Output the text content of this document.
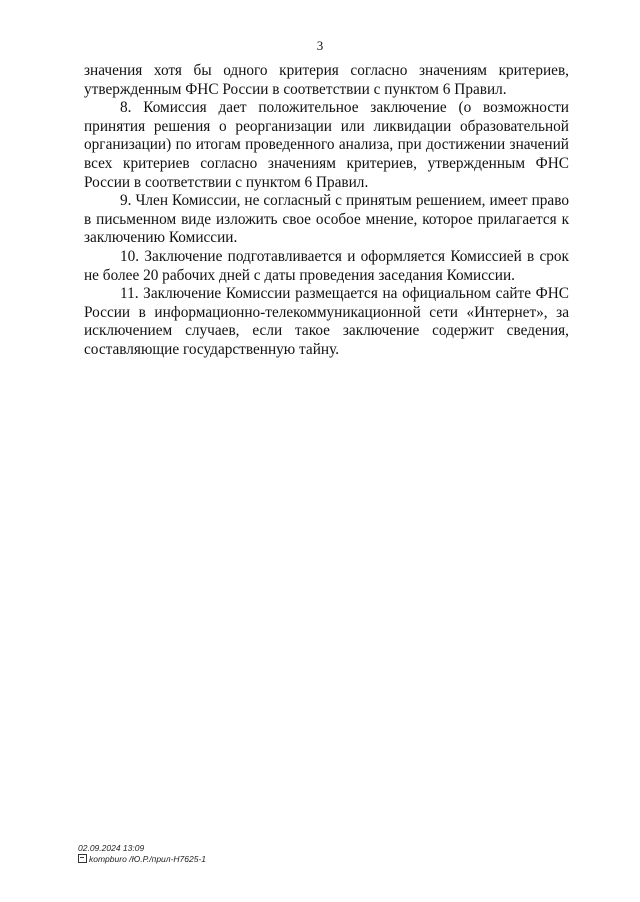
3

значения хотя бы одного критерия согласно значениям критериев, утвержденным ФНС России в соответствии с пунктом 6 Правил.

8. Комиссия дает положительное заключение (о возможности принятия решения о реорганизации или ликвидации образовательной организации) по итогам проведенного анализа, при достижении значений всех критериев согласно значениям критериев, утвержденным ФНС России в соответствии с пунктом 6 Правил.

9. Член Комиссии, не согласный с принятым решением, имеет право в письменном виде изложить свое особое мнение, которое прилагается к заключению Комиссии.

10. Заключение подготавливается и оформляется Комиссией в срок не более 20 рабочих дней с даты проведения заседания Комиссии.

11. Заключение Комиссии размещается на официальном сайте ФНС России в информационно-телекоммуникационной сети «Интернет», за исключением случаев, если такое заключение содержит сведения, составляющие государственную тайну.

02.09.2024 13:09
kompburo /Ю.Р./прил-Н7625-1
